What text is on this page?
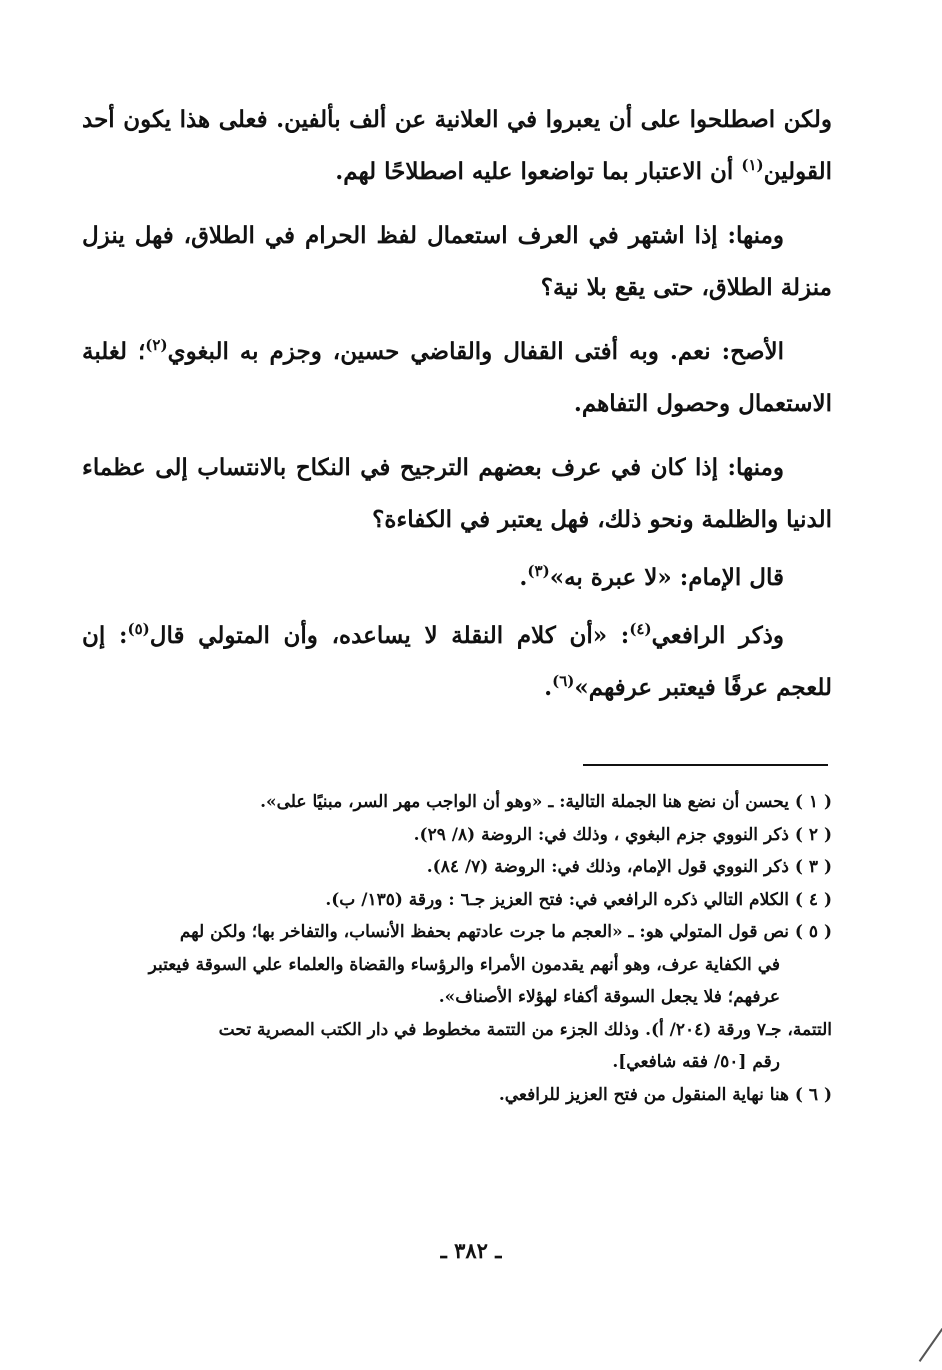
ولكن اصطلحوا على أن يعبروا في العلانية عن ألف بألفين. فعلى هذا يكون أحد القولين$^{(١)}$ أن الاعتبار بما تواضعوا عليه اصطلاحًا لهم.

ومنها: إذا اشتهر في العرف استعمال لفظ الحرام في الطلاق، فهل ينزل منزلة الطلاق، حتى يقع بلا نية؟

الأصح: نعم. وبه أفتى القفال والقاضي حسين، وجزم به البغوي$^{(٢)}$؛ لغلبة الاستعمال وحصول التفاهم.

ومنها: إذا كان في عرف بعضهم الترجيح في النكاح بالانتساب إلى عظماء الدنيا والظلمة ونحو ذلك، فهل يعتبر في الكفاءة؟

قال الإمام: «لا عبرة به»$^{(٣)}$.

وذكر الرافعي$^{(٤)}$: «أن كلام النقلة لا يساعده، وأن المتولي قال$^{(٥)}$: إن للعجم عرفًا فيعتبر عرفهم»$^{(٦)}$.

( ١ ) يحسن أن نضع هنا الجملة التالية: ـ «وهو أن الواجب مهر السر، مبنيًا على».

( ٢ ) ذكر النووي جزم البغوي ، وذلك في: الروضة (٨/ ٢٩).

( ٣ ) ذكر النووي قول الإمام، وذلك في: الروضة (٧/ ٨٤).

( ٤ ) الكلام التالي ذكره الرافعي في: فتح العزيز جـ٦ : ورقة (١٣٥/ ب).

( ٥ ) نص قول المتولي هو: ـ «العجم ما جرت عادتهم بحفظ الأنساب، والتفاخر بها؛ ولكن لهم

في الكفاية عرف، وهو أنهم يقدمون الأمراء والرؤساء والقضاة والعلماء علي السوقة فيعتبر

عرفهم؛ فلا يجعل السوقة أكفاء لهؤلاء الأصناف».

التتمة، جـ٧ ورقة (٢٠٤/ أ). وذلك الجزء من التتمة مخطوط في دار الكتب المصرية تحت

رقم [٥٠/ فقه شافعي].

( ٦ ) هنا نهاية المنقول من فتح العزيز للرافعي.

ـ ٣٨٢ ـ
